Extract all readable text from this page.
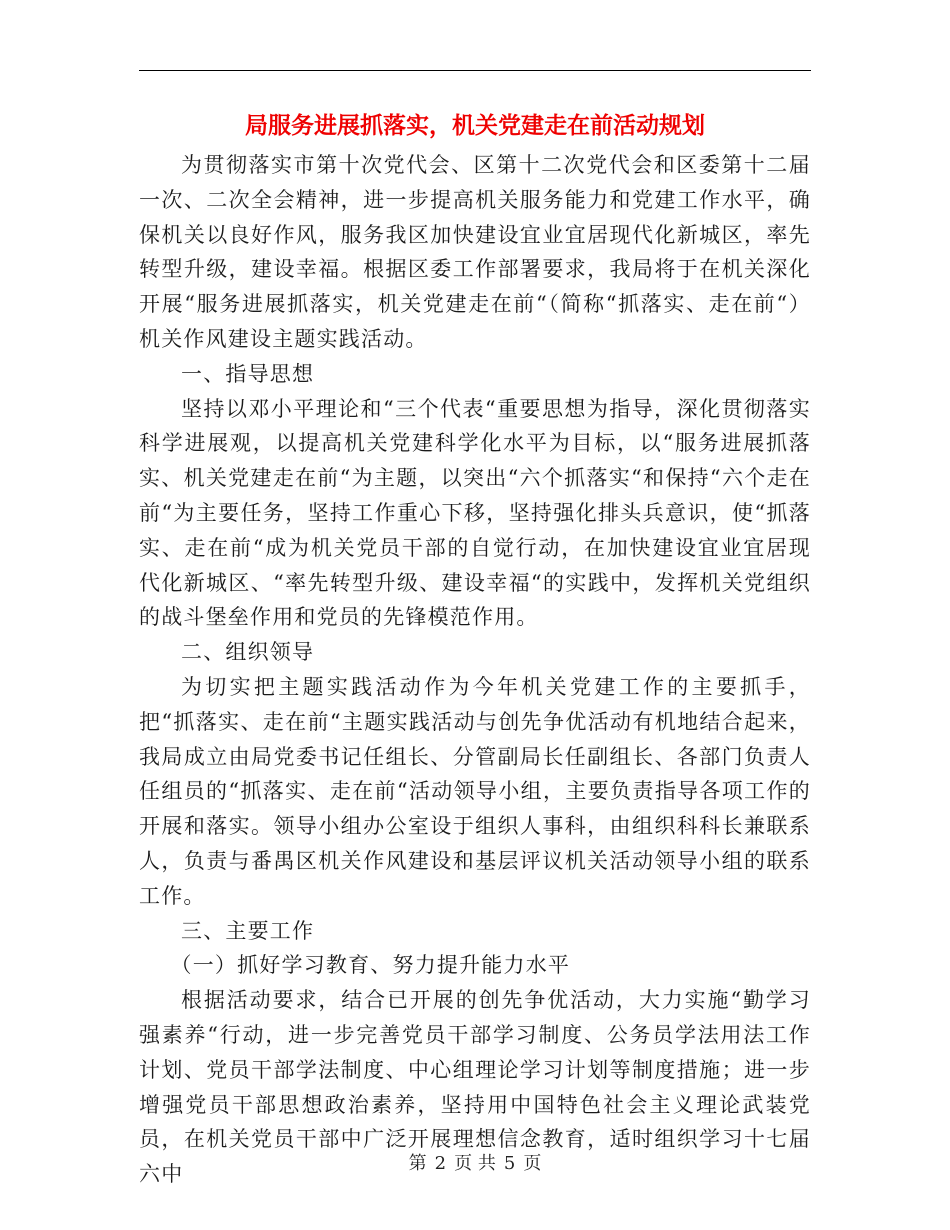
局服务进展抓落实，机关党建走在前活动规划

为贯彻落实市第十次党代会、区第十二次党代会和区委第十二届一次、二次全会精神，进一步提高机关服务能力和党建工作水平，确保机关以良好作风，服务我区加快建设宜业宜居现代化新城区，率先转型升级，建设幸福。根据区委工作部署要求，我局将于在机关深化开展“服务进展抓落实，机关党建走在前“（简称“抓落实、走在前“）机关作风建设主题实践活动。

一、指导思想

坚持以邓小平理论和“三个代表“重要思想为指导，深化贯彻落实科学进展观，以提高机关党建科学化水平为目标，以“服务进展抓落实、机关党建走在前“为主题，以突出“六个抓落实“和保持“六个走在前“为主要任务，坚持工作重心下移，坚持强化排头兵意识，使“抓落实、走在前“成为机关党员干部的自觉行动，在加快建设宜业宜居现代化新城区、“率先转型升级、建设幸福“的实践中，发挥机关党组织的战斗堡垒作用和党员的先锋模范作用。

二、组织领导

为切实把主题实践活动作为今年机关党建工作的主要抓手，把“抓落实、走在前“主题实践活动与创先争优活动有机地结合起来，我局成立由局党委书记任组长、分管副局长任副组长、各部门负责人任组员的“抓落实、走在前“活动领导小组，主要负责指导各项工作的开展和落实。领导小组办公室设于组织人事科，由组织科科长兼联系人，负责与番禺区机关作风建设和基层评议机关活动领导小组的联系工作。

三、主要工作

（一）抓好学习教育、努力提升能力水平

根据活动要求，结合已开展的创先争优活动，大力实施“勤学习强素养“行动，进一步完善党员干部学习制度、公务员学法用法工作计划、党员干部学法制度、中心组理论学习计划等制度措施；进一步增强党员干部思想政治素养，坚持用中国特色社会主义理论武装党员，在机关党员干部中广泛开展理想信念教育，适时组织学习十七届六中	第 2 页 共 5 页
